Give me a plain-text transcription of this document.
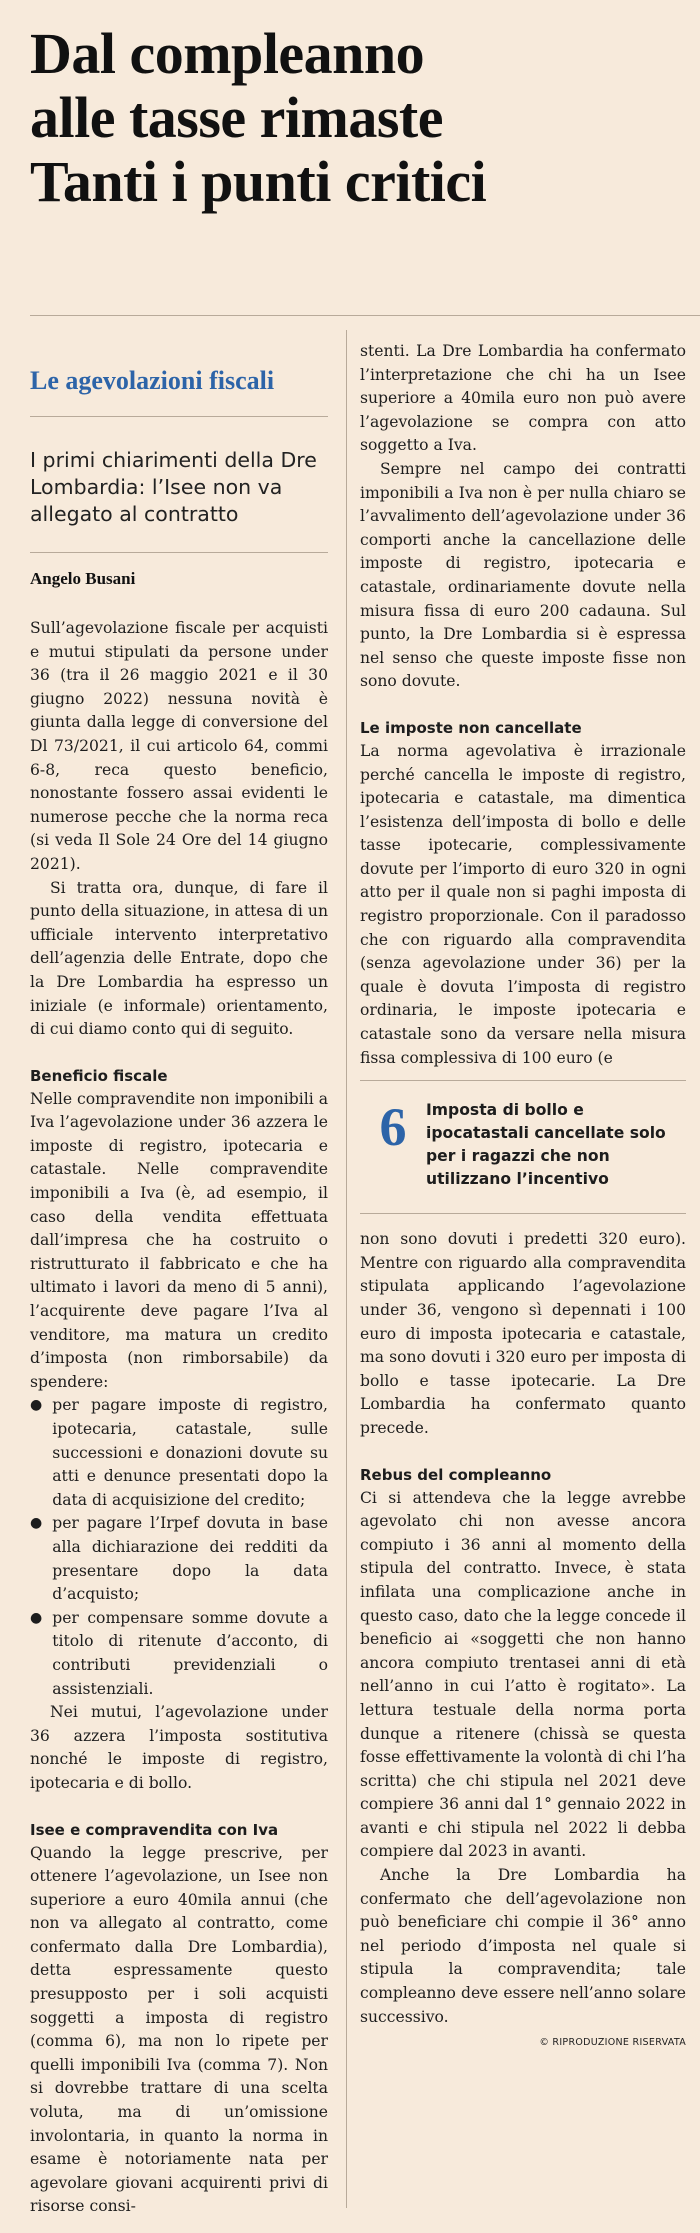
Dal compleanno
alle tasse rimaste
Tanti i punti critici
Le agevolazioni fiscali
I primi chiarimenti della Dre Lombardia: l’Isee non va allegato al contratto
Angelo Busani

Sull’agevolazione fiscale per acquisti e mutui stipulati da persone under 36 (tra il 26 maggio 2021 e il 30 giugno 2022) nessuna novità è giunta dalla legge di conversione del Dl 73/2021, il cui articolo 64, commi 6-8, reca questo beneficio, nonostante fossero assai evidenti le numerose pecche che la norma reca (si veda Il Sole 24 Ore del 14 giugno 2021).

Si tratta ora, dunque, di fare il punto della situazione, in attesa di un ufficiale intervento interpretativo dell’agenzia delle Entrate, dopo che la Dre Lombardia ha espresso un iniziale (e informale) orientamento, di cui diamo conto qui di seguito.

Beneficio fiscale

Nelle compravendite non imponibili a Iva l’agevolazione under 36 azzera le imposte di registro, ipotecaria e catastale. Nelle compravendite imponibili a Iva (è, ad esempio, il caso della vendita effettuata dall’impresa che ha costruito o ristrutturato il fabbricato e che ha ultimato i lavori da meno di 5 anni), l’acquirente deve pagare l’Iva al venditore, ma matura un credito d’imposta (non rimborsabile) da spendere:

● per pagare imposte di registro, ipotecaria, catastale, sulle successioni e donazioni dovute su atti e denunce presentati dopo la data di acquisizione del credito;

● per pagare l’Irpef dovuta in base alla dichiarazione dei redditi da presentare dopo la data d’acquisto;

● per compensare somme dovute a titolo di ritenute d’acconto, di contributi previdenziali o assistenziali.

Nei mutui, l’agevolazione under 36 azzera l’imposta sostitutiva nonché le imposte di registro, ipotecaria e di bollo.

Isee e compravendita con Iva

Quando la legge prescrive, per ottenere l’agevolazione, un Isee non superiore a euro 40mila annui (che non va allegato al contratto, come confermato dalla Dre Lombardia), detta espressamente questo presupposto per i soli acquisti soggetti a imposta di registro (comma 6), ma non lo ripete per quelli imponibili Iva (comma 7). Non si dovrebbe trattare di una scelta voluta, ma di un’omissione involontaria, in quanto la norma in esame è notoriamente nata per agevolare giovani acquirenti privi di risorse consi-

stenti. La Dre Lombardia ha confermato l’interpretazione che chi ha un Isee superiore a 40mila euro non può avere l’agevolazione se compra con atto soggetto a Iva.

Sempre nel campo dei contratti imponibili a Iva non è per nulla chiaro se l’avvalimento dell’agevolazione under 36 comporti anche la cancellazione delle imposte di registro, ipotecaria e catastale, ordinariamente dovute nella misura fissa di euro 200 cadauna. Sul punto, la Dre Lombardia si è espressa nel senso che queste imposte fisse non sono dovute.

Le imposte non cancellate

La norma agevolativa è irrazionale perché cancella le imposte di registro, ipotecaria e catastale, ma dimentica l’esistenza dell’imposta di bollo e delle tasse ipotecarie, complessivamente dovute per l’importo di euro 320 in ogni atto per il quale non si paghi imposta di registro proporzionale. Con il paradosso che con riguardo alla compravendita (senza agevolazione under 36) per la quale è dovuta l’imposta di registro ordinaria, le imposte ipotecaria e catastale sono da versare nella misura fissa complessiva di 100 euro (e

6	Imposta di bollo e ipocatastali cancellate solo per i ragazzi che non utilizzano l’incentivo

non sono dovuti i predetti 320 euro). Mentre con riguardo alla compravendita stipulata applicando l’agevolazione under 36, vengono sì depennati i 100 euro di imposta ipotecaria e catastale, ma sono dovuti i 320 euro per imposta di bollo e tasse ipotecarie. La Dre Lombardia ha confermato quanto precede.

Rebus del compleanno

Ci si attendeva che la legge avrebbe agevolato chi non avesse ancora compiuto i 36 anni al momento della stipula del contratto. Invece, è stata infilata una complicazione anche in questo caso, dato che la legge concede il beneficio ai «soggetti che non hanno ancora compiuto trentasei anni di età nell’anno in cui l’atto è rogitato». La lettura testuale della norma porta dunque a ritenere (chissà se questa fosse effettivamente la volontà di chi l’ha scritta) che chi stipula nel 2021 deve compiere 36 anni dal 1° gennaio 2022 in avanti e chi stipula nel 2022 li debba compiere dal 2023 in avanti.

Anche la Dre Lombardia ha confermato che dell’agevolazione non può beneficiare chi compie il 36° anno nel periodo d’imposta nel quale si stipula la compravendita; tale compleanno deve essere nell’anno solare successivo.

© RIPRODUZIONE RISERVATA
